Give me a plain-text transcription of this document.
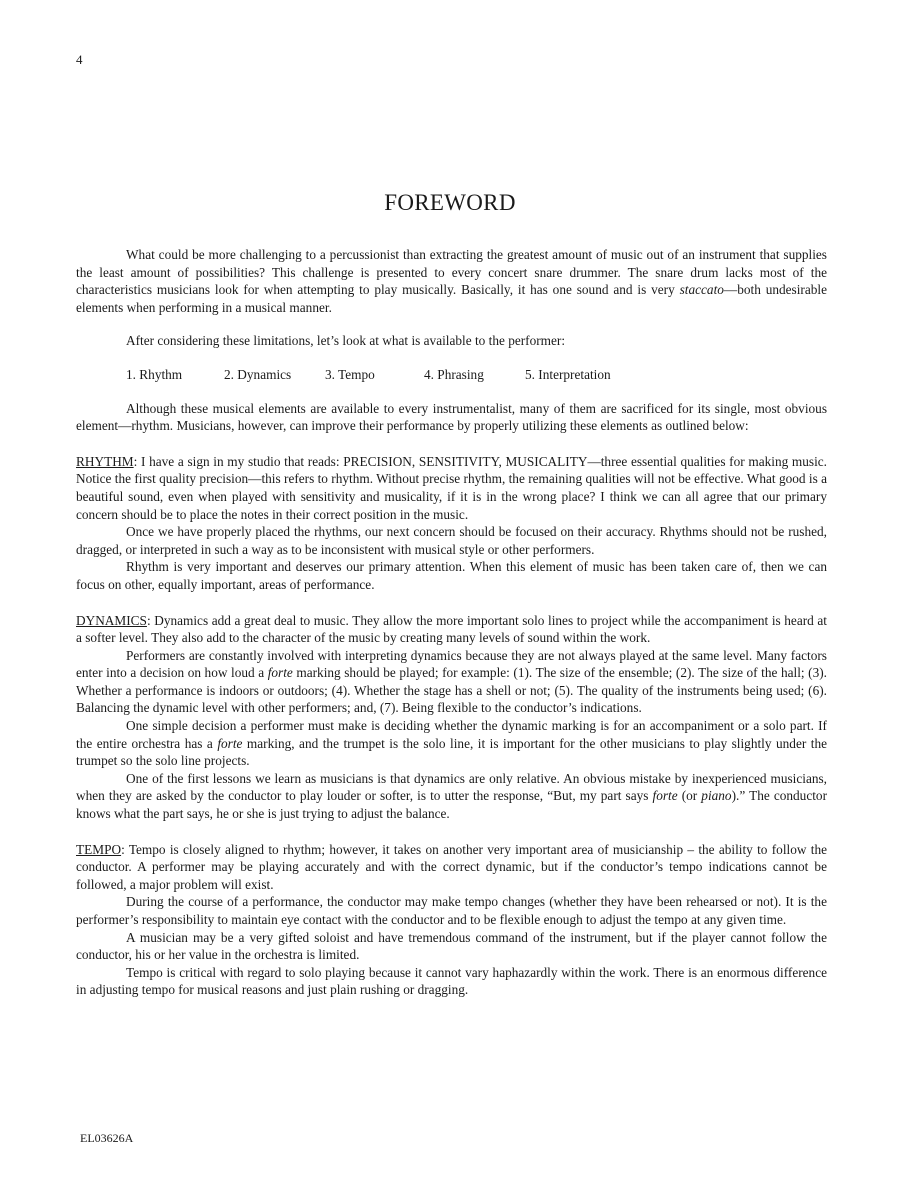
4
FOREWORD

What could be more challenging to a percussionist than extracting the greatest amount of music out of an instrument that supplies the least amount of possibilities? This challenge is presented to every concert snare drummer. The snare drum lacks most of the characteristics musicians look for when attempting to play musically. Basically, it has one sound and is very staccato—both undesirable elements when performing in a musical manner.

After considering these limitations, let’s look at what is available to the performer:

1. Rhythm	2. Dynamics	3. Tempo	4. Phrasing	5. Interpretation

Although these musical elements are available to every instrumentalist, many of them are sacrificed for its single, most obvious element—rhythm. Musicians, however, can improve their performance by properly utilizing these elements as outlined below:

RHYTHM: I have a sign in my studio that reads: PRECISION, SENSITIVITY, MUSICALITY—three essential qualities for making music. Notice the first quality precision—this refers to rhythm. Without precise rhythm, the remaining qualities will not be effective. What good is a beautiful sound, even when played with sensitivity and musicality, if it is in the wrong place? I think we can all agree that our primary concern should be to place the notes in their correct position in the music.

Once we have properly placed the rhythms, our next concern should be focused on their accuracy. Rhythms should not be rushed, dragged, or interpreted in such a way as to be inconsistent with musical style or other performers.

Rhythm is very important and deserves our primary attention. When this element of music has been taken care of, then we can focus on other, equally important, areas of performance.

DYNAMICS: Dynamics add a great deal to music. They allow the more important solo lines to project while the accompaniment is heard at a softer level. They also add to the character of the music by creating many levels of sound within the work.

Performers are constantly involved with interpreting dynamics because they are not always played at the same level. Many factors enter into a decision on how loud a forte marking should be played; for example: (1). The size of the ensemble; (2). The size of the hall; (3). Whether a performance is indoors or outdoors; (4). Whether the stage has a shell or not; (5). The quality of the instruments being used; (6). Balancing the dynamic level with other performers; and, (7). Being flexible to the conductor’s indications.

One simple decision a performer must make is deciding whether the dynamic marking is for an accompaniment or a solo part. If the entire orchestra has a forte marking, and the trumpet is the solo line, it is important for the other musicians to play slightly under the trumpet so the solo line projects.

One of the first lessons we learn as musicians is that dynamics are only relative. An obvious mistake by inexperienced musicians, when they are asked by the conductor to play louder or softer, is to utter the response, “But, my part says forte (or piano).” The conductor knows what the part says, he or she is just trying to adjust the balance.

TEMPO: Tempo is closely aligned to rhythm; however, it takes on another very important area of musicianship – the ability to follow the conductor. A performer may be playing accurately and with the correct dynamic, but if the conductor’s tempo indications cannot be followed, a major problem will exist.

During the course of a performance, the conductor may make tempo changes (whether they have been rehearsed or not). It is the performer’s responsibility to maintain eye contact with the conductor and to be flexible enough to adjust the tempo at any given time.

A musician may be a very gifted soloist and have tremendous command of the instrument, but if the player cannot follow the conductor, his or her value in the orchestra is limited.

Tempo is critical with regard to solo playing because it cannot vary haphazardly within the work. There is an enormous difference in adjusting tempo for musical reasons and just plain rushing or dragging.

EL03626A
